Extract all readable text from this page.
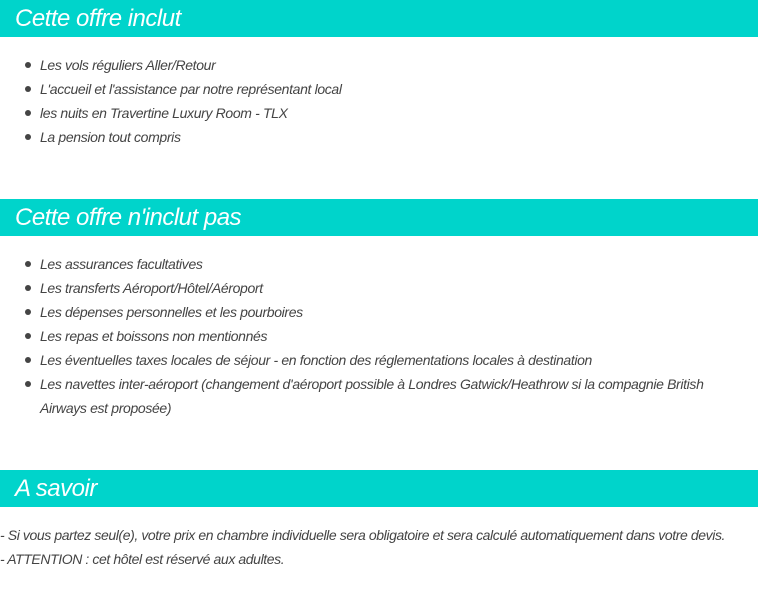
Cette offre inclut
Les vols réguliers Aller/Retour
L'accueil et l'assistance par notre représentant local
les nuits en Travertine Luxury Room - TLX
La pension tout compris
Cette offre n'inclut pas
Les assurances facultatives
Les transferts Aéroport/Hôtel/Aéroport
Les dépenses personnelles et les pourboires
Les repas et boissons non mentionnés
Les éventuelles taxes locales de séjour - en fonction des réglementations locales à destination
Les navettes inter-aéroport (changement d'aéroport possible à Londres Gatwick/Heathrow si la compagnie British Airways est proposée)
A savoir

- Si vous partez seul(e), votre prix en chambre individuelle sera obligatoire et sera calculé automatiquement dans votre devis.

- ATTENTION : cet hôtel est réservé aux adultes.
